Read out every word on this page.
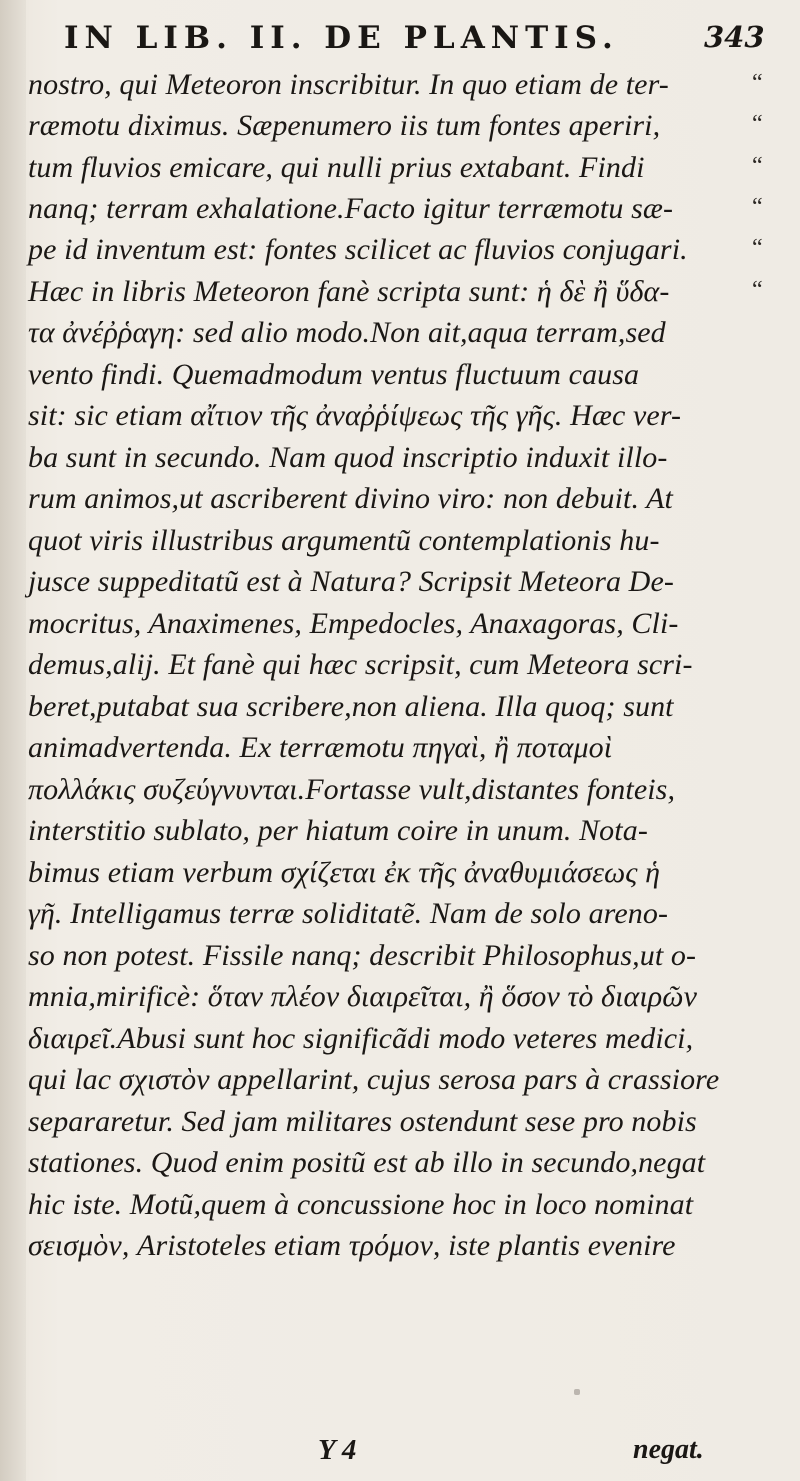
IN LIB. II. DE PLANTIS.	343
nostro, qui Meteoron inscribitur. In quo etiam de ter-
ræmotu diximus. Sæpenumero iis tum fontes aperiri,
tum fluvios emicare, qui nulli prius extabant. Findi
nanq; terram exhalatione.Facto igitur terræmotu sæ-
pe id inventum est: fontes scilicet ac fluvios conjugari.
Hæc in libris Meteoron fanè scripta sunt: ἡ δὲ ἢ ὕδα-
τα ἀνέῤῥαγη: sed alio modo.Non ait,aqua terram,sed
vento findi. Quemadmodum ventus fluctuum causa
sit: sic etiam αἴτιον τῆς ἀναῤῥίψεως τῆς γῆς. Hæc ver-
ba sunt in secundo. Nam quod inscriptio induxit illo-
rum animos,ut ascriberent divino viro: non debuit. At
quot viris illustribus argumentũ contemplationis hu-
jusce suppeditatũ est à Natura? Scripsit Meteora De-
mocritus, Anaximenes, Empedocles, Anaxagoras, Cli-
demus,alij. Et fanè qui hæc scripsit, cum Meteora scri-
beret,putabat sua scribere,non aliena. Illa quoq; sunt
animadvertenda. Ex terræmotu πηγαὶ, ἢ ποταμοὶ
πολλάκις συζεύγνυνται.Fortasse vult,distantes fonteis,
interstitio sublato, per hiatum coire in unum. Nota-
bimus etiam verbum σχίζεται ἐκ τῆς ἀναθυμιάσεως ἡ
γῆ. Intelligamus terræ soliditatẽ. Nam de solo areno-
so non potest. Fissile nanq; describit Philosophus,ut o-
mnia,mirificè: ὅταν πλέον διαιρεῖται, ἢ ὅσον τὸ διαιρῶν
διαιρεῖ.Abusi sunt hoc significãdi modo veteres medici,
qui lac σχιστὸν appellarint, cujus serosa pars à crassiore
separaretur. Sed jam militares ostendunt sese pro nobis
stationes. Quod enim positũ est ab illo in secundo,negat
hic iste. Motũ,quem à concussione hoc in loco nominat
σεισμὸν, Aristoteles etiam τρόμον, iste plantis evenire
“
“
“
“
“
“
Y 4	negat.
